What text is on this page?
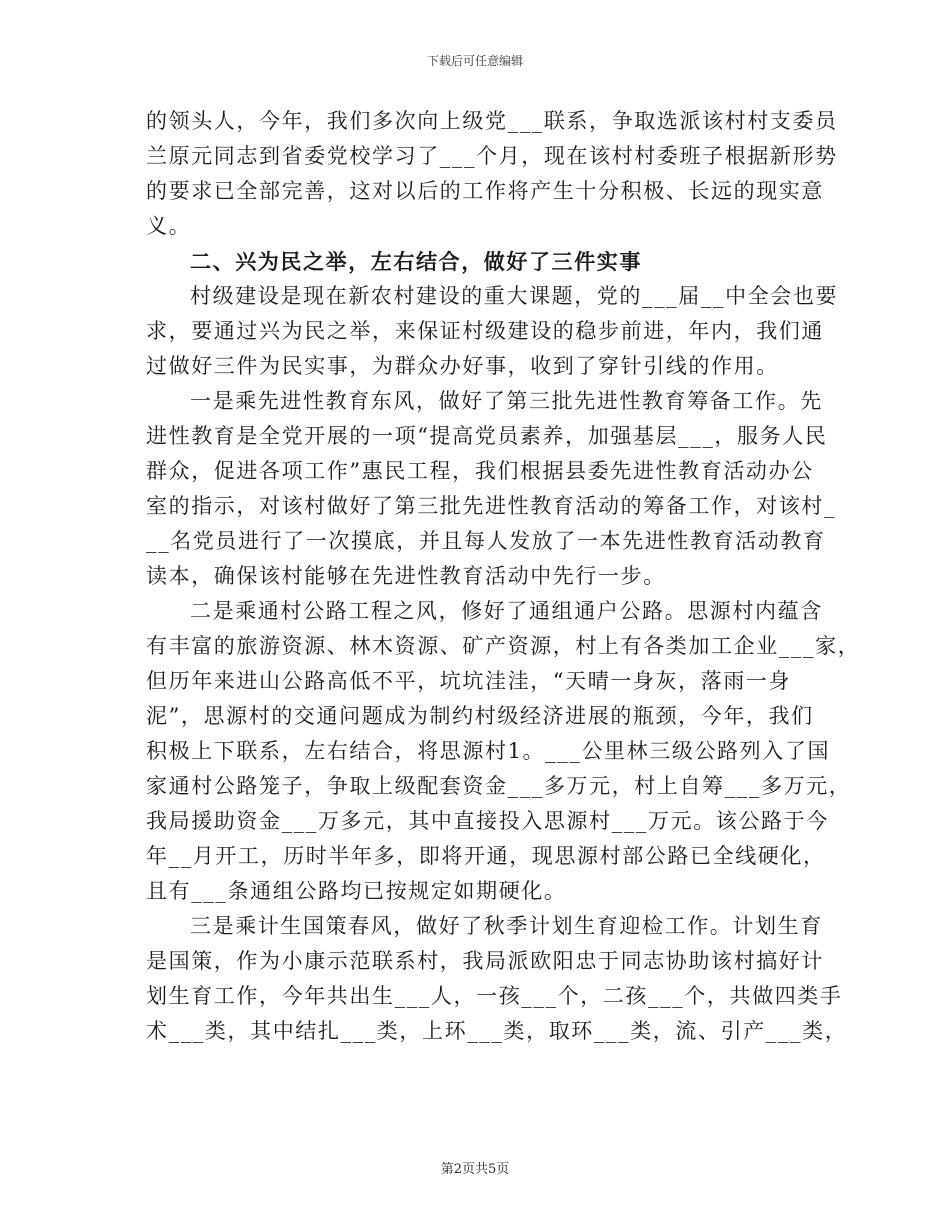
下载后可任意编辑
的领头人，今年，我们多次向上级党___联系，争取选派该村村支委员
兰原元同志到省委党校学习了___个月，现在该村村委班子根据新形势
的要求已全部完善，这对以后的工作将产生十分积极、长远的现实意
义。
二、兴为民之举，左右结合，做好了三件实事
村级建设是现在新农村建设的重大课题，党的___届__中全会也要
求，要通过兴为民之举，来保证村级建设的稳步前进，年内，我们通
过做好三件为民实事，为群众办好事，收到了穿针引线的作用。
一是乘先进性教育东风，做好了第三批先进性教育筹备工作。先
进性教育是全党开展的一项“提高党员素养，加强基层___，服务人民
群众，促进各项工作”惠民工程，我们根据县委先进性教育活动办公
室的指示，对该村做好了第三批先进性教育活动的筹备工作，对该村_
__名党员进行了一次摸底，并且每人发放了一本先进性教育活动教育
读本，确保该村能够在先进性教育活动中先行一步。
二是乘通村公路工程之风，修好了通组通户公路。思源村内蕴含
有丰富的旅游资源、林木资源、矿产资源，村上有各类加工企业___家，
但历年来进山公路高低不平，坑坑洼洼，“天晴一身灰，落雨一身
泥”，思源村的交通问题成为制约村级经济进展的瓶颈，今年，我们
积极上下联系，左右结合，将思源村1。___公里林三级公路列入了国
家通村公路笼子，争取上级配套资金___多万元，村上自筹___多万元，
我局援助资金___万多元，其中直接投入思源村___万元。该公路于今
年__月开工，历时半年多，即将开通，现思源村部公路已全线硬化，
且有___条通组公路均已按规定如期硬化。
三是乘计生国策春风，做好了秋季计划生育迎检工作。计划生育
是国策，作为小康示范联系村，我局派欧阳忠于同志协助该村搞好计
划生育工作，今年共出生___人，一孩___个，二孩___个，共做四类手
术___类，其中结扎___类，上环___类，取环___类，流、引产___类，
第2页共5页
